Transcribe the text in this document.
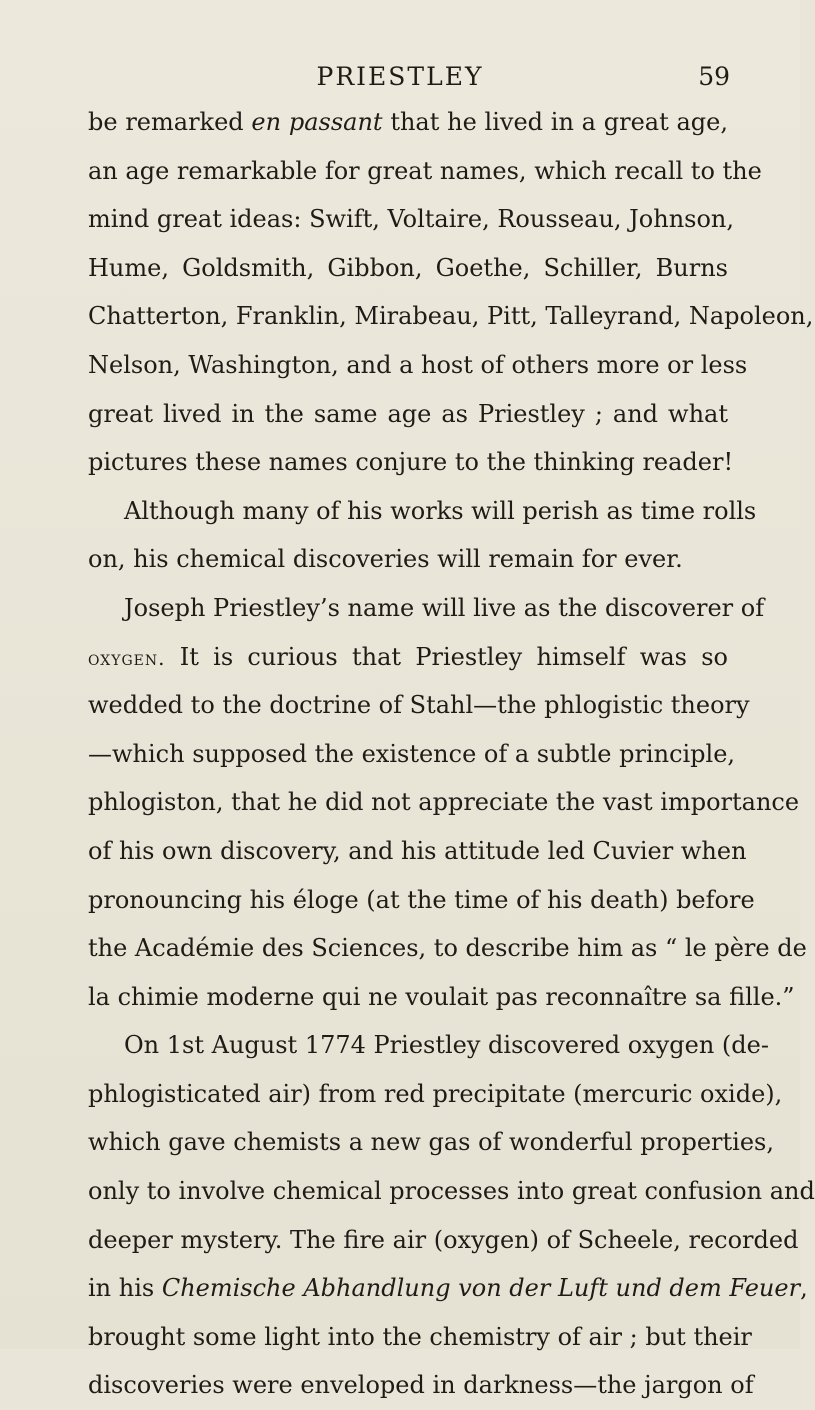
PRIESTLEY	59
be remarked en passant that he lived in a great age,
an age remarkable for great names, which recall to the
mind great ideas: Swift, Voltaire, Rousseau, Johnson,
Hume, Goldsmith, Gibbon, Goethe, Schiller, Burns
Chatterton, Franklin, Mirabeau, Pitt, Talleyrand, Napoleon,
Nelson, Washington, and a host of others more or less
great lived in the same age as Priestley ; and what
pictures these names conjure to the thinking reader!
Although many of his works will perish as time rolls
on, his chemical discoveries will remain for ever.
Joseph Priestley’s name will live as the discoverer of
oxygen. It is curious that Priestley himself was so
wedded to the doctrine of Stahl—the phlogistic theory
—which supposed the existence of a subtle principle,
phlogiston, that he did not appreciate the vast importance
of his own discovery, and his attitude led Cuvier when
pronouncing his éloge (at the time of his death) before
the Académie des Sciences, to describe him as “ le père de
la chimie moderne qui ne voulait pas reconnaître sa fille.”
On 1st August 1774 Priestley discovered oxygen (de-
phlogisticated air) from red precipitate (mercuric oxide),
which gave chemists a new gas of wonderful properties,
only to involve chemical processes into great confusion and
deeper mystery. The fire air (oxygen) of Scheele, recorded
in his Chemische Abhandlung von der Luft und dem Feuer,
brought some light into the chemistry of air ; but their
discoveries were enveloped in darkness—the jargon of
